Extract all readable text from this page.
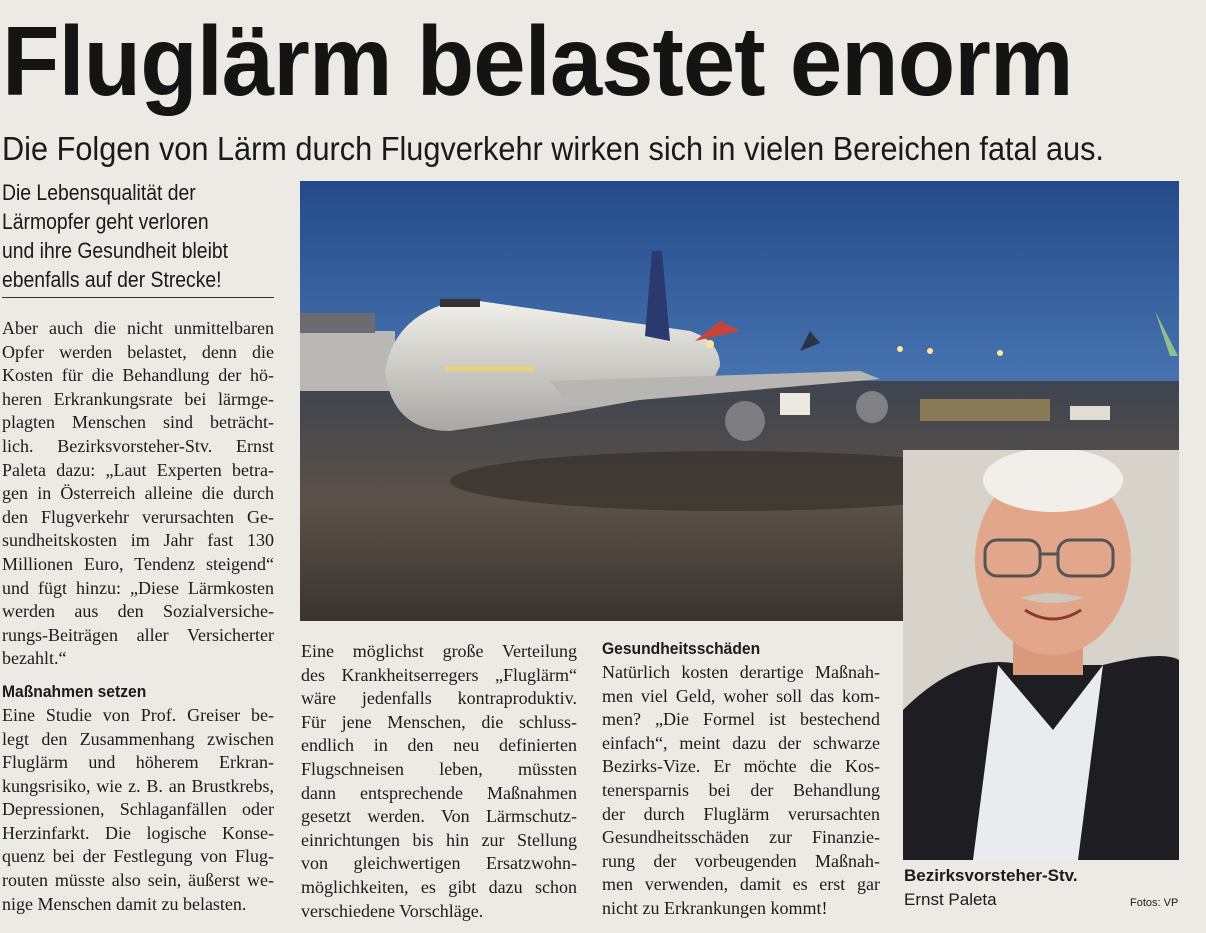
Fluglärm belastet enorm

Die Folgen von Lärm durch Flugverkehr wirken sich in vielen Bereichen fatal aus.

Die Lebensqualität der
Lärmopfer geht verloren
und ihre Gesundheit bleibt
ebenfalls auf der Strecke!
Aber auch die nicht unmittelbaren
Opfer werden belastet, denn die
Kosten für die Behandlung der hö-
heren Erkrankungsrate bei lärmge-
plagten Menschen sind beträcht-
lich. Bezirksvorsteher-Stv. Ernst
Paleta dazu: „Laut Experten betra-
gen in Österreich alleine die durch
den Flugverkehr verursachten Ge-
sundheitskosten im Jahr fast 130
Millionen Euro, Tendenz steigend“
und fügt hinzu: „Diese Lärmkosten
werden aus den Sozialversiche-
rungs-Beiträgen aller Versicherter
bezahlt.“
Maßnahmen setzen
Eine Studie von Prof. Greiser be-
legt den Zusammenhang zwischen
Fluglärm und höherem Erkran-
kungsrisiko, wie z. B. an Brustkrebs,
Depressionen, Schlaganfällen oder
Herzinfarkt. Die logische Konse-
quenz bei der Festlegung von Flug-
routen müsste also sein, äußerst we-
nige Menschen damit zu belasten.
Eine möglichst große Verteilung
des Krankheitserregers „Fluglärm“
wäre jedenfalls kontraproduktiv.
Für jene Menschen, die schluss-
endlich in den neu definierten
Flugschneisen leben, müssten
dann entsprechende Maßnahmen
gesetzt werden. Von Lärmschutz-
einrichtungen bis hin zur Stellung
von gleichwertigen Ersatzwohn-
möglichkeiten, es gibt dazu schon
verschiedene Vorschläge.
Gesundheitsschäden
Natürlich kosten derartige Maßnah-
men viel Geld, woher soll das kom-
men? „Die Formel ist bestechend
einfach“, meint dazu der schwarze
Bezirks-Vize. Er möchte die Kos-
tenersparnis bei der Behandlung
der durch Fluglärm verursachten
Gesundheitsschäden zur Finanzie-
rung der vorbeugenden Maßnah-
men verwenden, damit es erst gar
nicht zu Erkrankungen kommt!

Bezirksvorsteher-Stv.

Ernst Paleta	Fotos: VP
